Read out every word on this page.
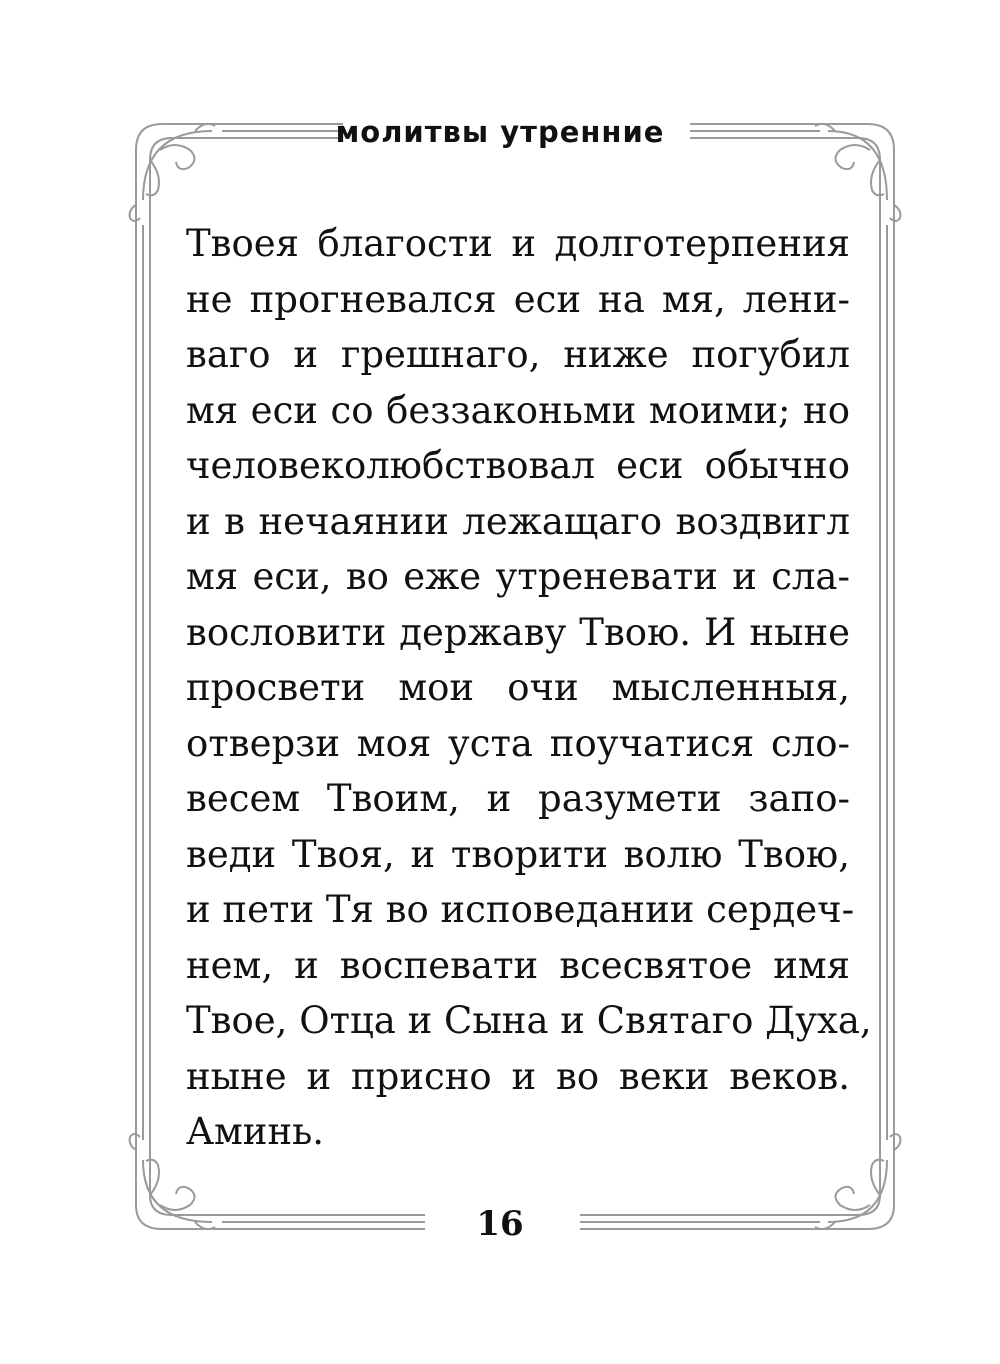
молитвы утренние
Твоея благости и долготерпения
не прогневался еси на мя, лени-
ваго и грешнаго, ниже погубил
мя еси со беззаконьми моими; но
человеколюбствовал еси обычно
и в нечаянии лежащаго воздвигл
мя еси, во еже утреневати и сла-
вословити державу Твою. И ныне
просвети мои очи мысленныя,
отверзи моя уста поучатися сло-
весем Твоим, и разумети запо-
веди Твоя, и творити волю Твою,
и пети Тя во исповедании сердеч-
нем, и воспевати всесвятое имя
Твое, Отца и Сына и Святаго Духа,
ныне и присно и во веки веков.
Аминь.
16
